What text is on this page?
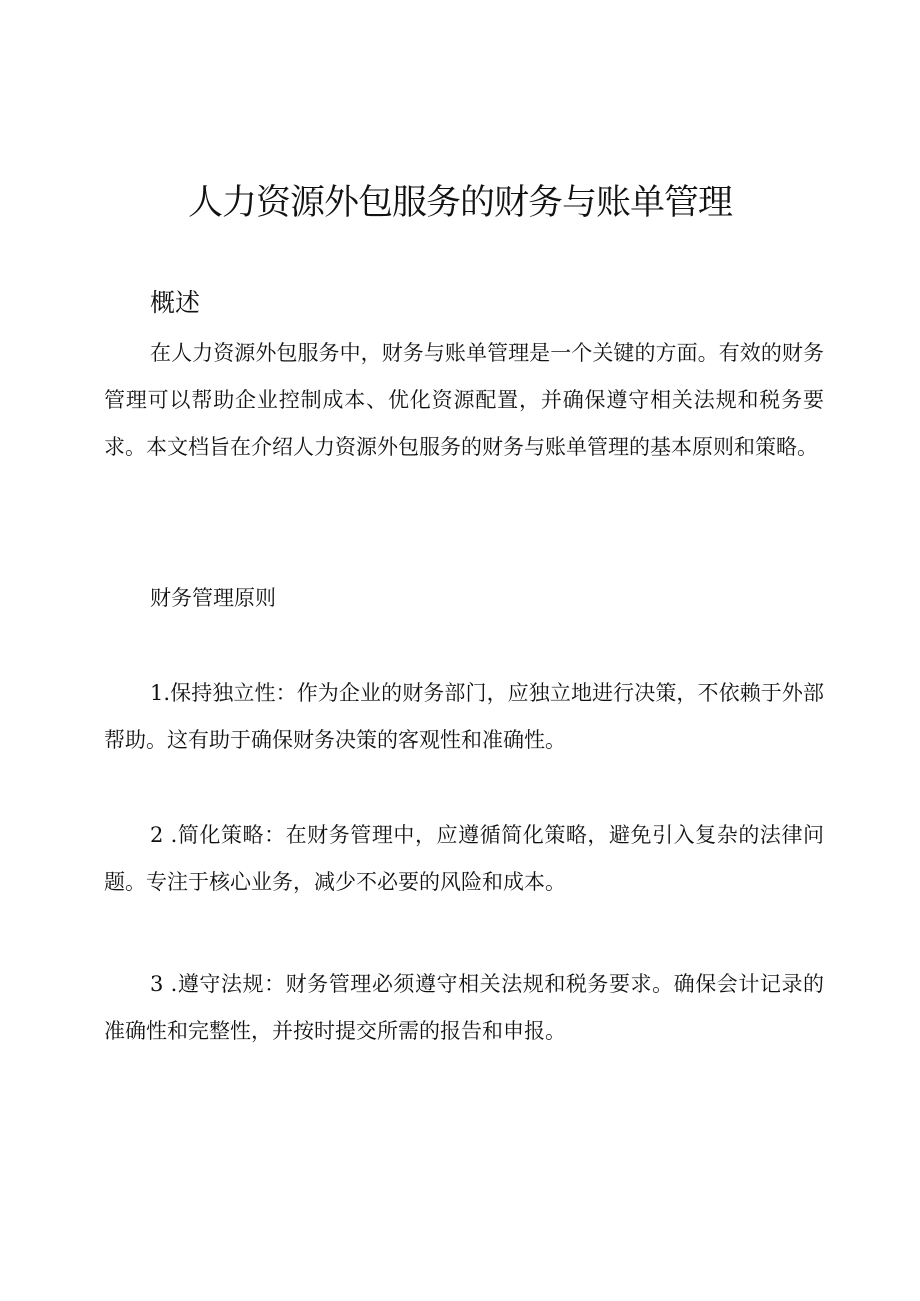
人力资源外包服务的财务与账单管理
概述

在人力资源外包服务中，财务与账单管理是一个关键的方面。有效的财务管理可以帮助企业控制成本、优化资源配置，并确保遵守相关法规和税务要求。本文档旨在介绍人力资源外包服务的财务与账单管理的基本原则和策略。

财务管理原则

1.保持独立性：作为企业的财务部门，应独立地进行决策，不依赖于外部帮助。这有助于确保财务决策的客观性和准确性。

2 .简化策略：在财务管理中，应遵循简化策略，避免引入复杂的法律问题。专注于核心业务，减少不必要的风险和成本。

3 .遵守法规：财务管理必须遵守相关法规和税务要求。确保会计记录的准确性和完整性，并按时提交所需的报告和申报。
